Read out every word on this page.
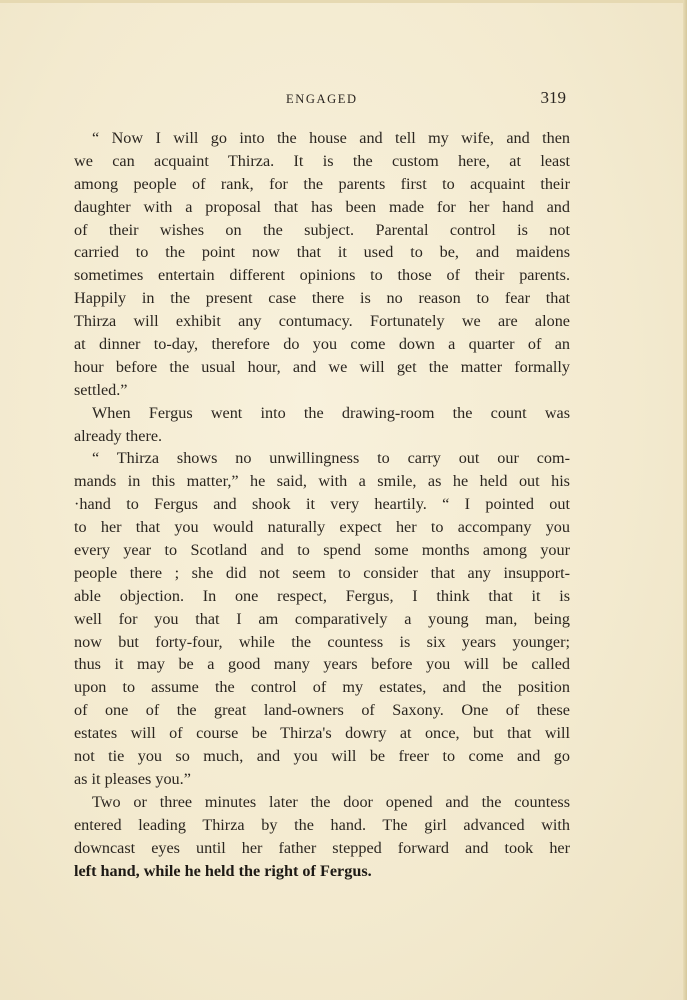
ENGAGED	319
“ Now I will go into the house and tell my wife, and then
we can acquaint Thirza. It is the custom here, at least
among people of rank, for the parents first to acquaint their
daughter with a proposal that has been made for her hand and
of their wishes on the subject. Parental control is not
carried to the point now that it used to be, and maidens
sometimes entertain different opinions to those of their parents.
Happily in the present case there is no reason to fear that
Thirza will exhibit any contumacy. Fortunately we are alone
at dinner to-day, therefore do you come down a quarter of an
hour before the usual hour, and we will get the matter formally
settled.”
When Fergus went into the drawing-room the count was
already there.
“ Thirza shows no unwillingness to carry out our com-
mands in this matter,” he said, with a smile, as he held out his
·hand to Fergus and shook it very heartily. “ I pointed out
to her that you would naturally expect her to accompany you
every year to Scotland and to spend some months among your
people there ; she did not seem to consider that any insupport-
able objection. In one respect, Fergus, I think that it is
well for you that I am comparatively a young man, being
now but forty-four, while the countess is six years younger;
thus it may be a good many years before you will be called
upon to assume the control of my estates, and the position
of one of the great land-owners of Saxony. One of these
estates will of course be Thirza's dowry at once, but that will
not tie you so much, and you will be freer to come and go
as it pleases you.”
Two or three minutes later the door opened and the countess
entered leading Thirza by the hand. The girl advanced with
downcast eyes until her father stepped forward and took her
left hand, while he held the right of Fergus.
